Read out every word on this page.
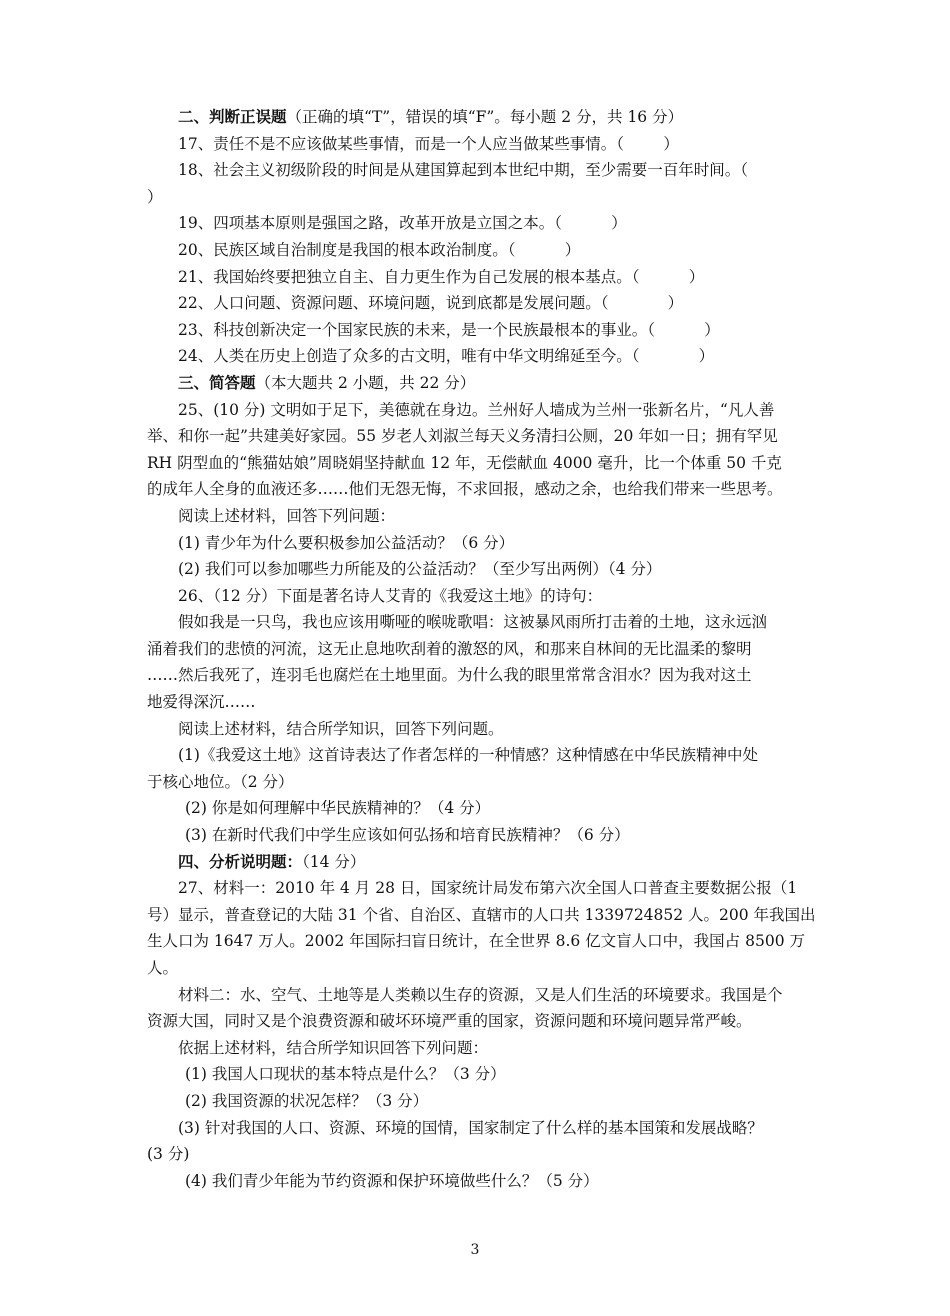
二、判断正误题（正确的填“T”，错误的填“F”。每小题 2 分，共 16 分）
17、责任不是不应该做某些事情，而是一个人应当做某些事情。（        ）
18、社会主义初级阶段的时间是从建国算起到本世纪中期，至少需要一百年时间。（
）
19、四项基本原则是强国之路，改革开放是立国之本。（          ）
20、民族区域自治制度是我国的根本政治制度。（          ）
21、我国始终要把独立自主、自力更生作为自己发展的根本基点。（          ）
22、人口问题、资源问题、环境问题，说到底都是发展问题。（            ）
23、科技创新决定一个国家民族的未来，是一个民族最根本的事业。（          ）
24、人类在历史上创造了众多的古文明，唯有中华文明绵延至今。（            ）
三、简答题（本大题共 2 小题，共 22 分）
25、(10 分) 文明如于足下，美德就在身边。兰州好人墙成为兰州一张新名片，“凡人善
举、和你一起”共建美好家园。55 岁老人刘淑兰每天义务清扫公厕，20 年如一日；拥有罕见
RH 阴型血的“熊猫姑娘”周晓娟坚持献血 12 年，无偿献血 4000 毫升，比一个体重 50 千克
的成年人全身的血液还多……他们无怨无悔，不求回报，感动之余，也给我们带来一些思考。
阅读上述材料，回答下列问题：
(1) 青少年为什么要积极参加公益活动？（6 分）
(2) 我们可以参加哪些力所能及的公益活动？（至少写出两例）（4 分）
26、（12 分）下面是著名诗人艾青的《我爱这土地》的诗句：
假如我是一只鸟，我也应该用嘶哑的喉咙歌唱：这被暴风雨所打击着的土地，这永远汹
涌着我们的悲愤的河流，这无止息地吹刮着的激怒的风，和那来自林间的无比温柔的黎明
……然后我死了，连羽毛也腐烂在土地里面。为什么我的眼里常常含泪水？因为我对这土
地爱得深沉……
阅读上述材料，结合所学知识，回答下列问题。
(1)《我爱这土地》这首诗表达了作者怎样的一种情感？这种情感在中华民族精神中处
于核心地位。（2 分）
(2) 你是如何理解中华民族精神的？（4 分）
(3) 在新时代我们中学生应该如何弘扬和培育民族精神？（6 分）
四、分析说明题：（14 分）
27、材料一：2010 年 4 月 28 日，国家统计局发布第六次全国人口普查主要数据公报（1
号）显示，普查登记的大陆 31 个省、自治区、直辖市的人口共 1339724852 人。200 年我国出
生人口为 1647 万人。2002 年国际扫盲日统计，在全世界 8.6 亿文盲人口中，我国占 8500 万
人。
材料二：水、空气、土地等是人类赖以生存的资源，又是人们生活的环境要求。我国是个
资源大国，同时又是个浪费资源和破坏环境严重的国家，资源问题和环境问题异常严峻。
依据上述材料，结合所学知识回答下列问题：
(1) 我国人口现状的基本特点是什么？（3 分）
(2) 我国资源的状况怎样？（3 分）
(3) 针对我国的人口、资源、环境的国情，国家制定了什么样的基本国策和发展战略？
(3 分)
(4) 我们青少年能为节约资源和保护环境做些什么？（5 分）
3
